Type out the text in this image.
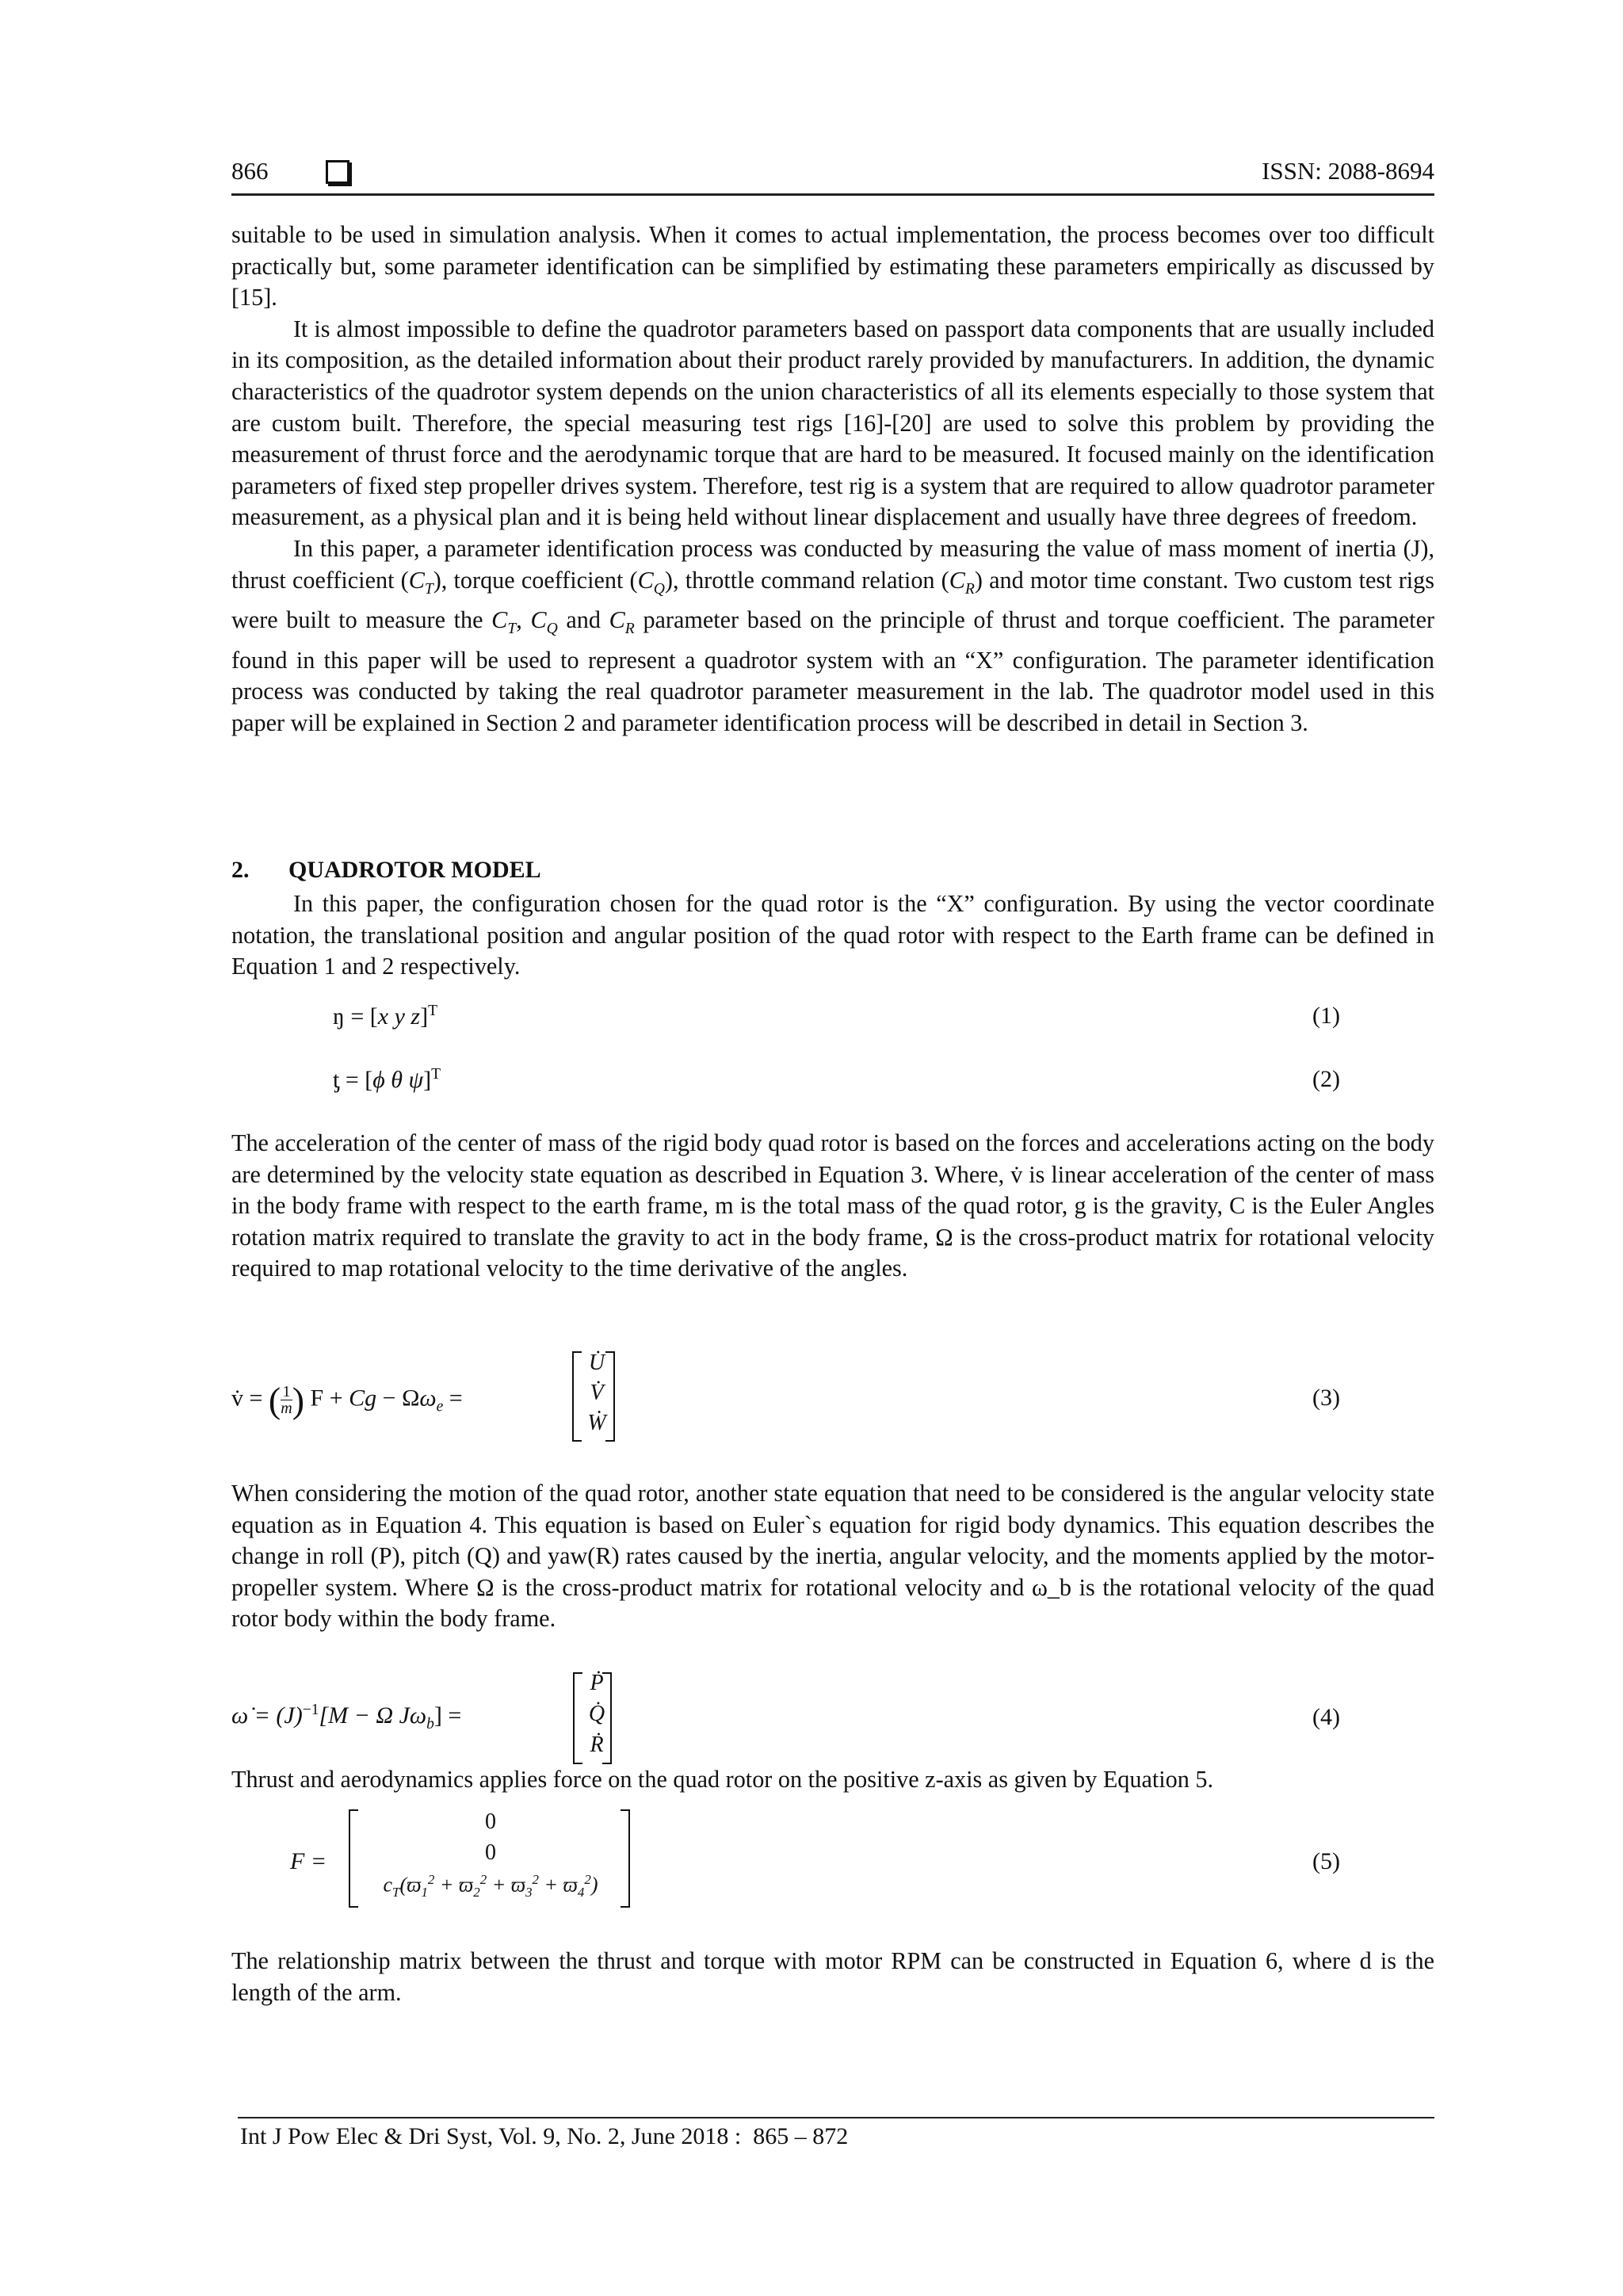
866	ISSN: 2088-8694

suitable to be used in simulation analysis. When it comes to actual implementation, the process becomes over too difficult practically but, some parameter identification can be simplified by estimating these parameters empirically as discussed by [15].

It is almost impossible to define the quadrotor parameters based on passport data components that are usually included in its composition, as the detailed information about their product rarely provided by manufacturers. In addition, the dynamic characteristics of the quadrotor system depends on the union characteristics of all its elements especially to those system that are custom built. Therefore, the special measuring test rigs [16]-[20] are used to solve this problem by providing the measurement of thrust force and the aerodynamic torque that are hard to be measured. It focused mainly on the identification parameters of fixed step propeller drives system. Therefore, test rig is a system that are required to allow quadrotor parameter measurement, as a physical plan and it is being held without linear displacement and usually have three degrees of freedom.

In this paper, a parameter identification process was conducted by measuring the value of mass moment of inertia (J), thrust coefficient $(C_T)$, torque coefficient $(C_Q)$, throttle command relation $(C_R)$ and motor time constant. Two custom test rigs were built to measure the $C_T$, $C_Q$ and $C_R$ parameter based on the principle of thrust and torque coefficient. The parameter found in this paper will be used to represent a quadrotor system with an “X” configuration. The parameter identification process was conducted by taking the real quadrotor parameter measurement in the lab. The quadrotor model used in this paper will be explained in Section 2 and parameter identification process will be described in detail in Section 3.

2. QUADROTOR MODEL

In this paper, the configuration chosen for the quad rotor is the “X” configuration. By using the vector coordinate notation, the translational position and angular position of the quad rotor with respect to the Earth frame can be defined in Equation 1 and 2 respectively.

ŋ = [x y z]$^T$	(1)
ƫ = [ϕ θ ψ]$^T$	(2)
The acceleration of the center of mass of the rigid body quad rotor is based on the forces and accelerations acting on the body are determined by the velocity state equation as described in Equation 3. Where, v̇ is linear acceleration of the center of mass in the body frame with respect to the earth frame, m is the total mass of the quad rotor, g is the gravity, C is the Euler Angles rotation matrix required to translate the gravity to act in the body frame, Ω is the cross-product matrix for rotational velocity required to map rotational velocity to the time derivative of the angles.
v̇ = ( $\frac{1}{m}$ ) $F + Cg - \Omega\omega_e$ =
U̇
V̇
Ẇ
(3)
When considering the motion of the quad rotor, another state equation that need to be considered is the angular velocity state equation as in Equation 4. This equation is based on Euler`s equation for rigid body dynamics. This equation describes the change in roll (P), pitch (Q) and yaw(R) rates caused by the inertia, angular velocity, and the moments applied by the motor-propeller system. Where Ω is the cross-product matrix for rotational velocity and ω_b is the rotational velocity of the quad rotor body within the body frame.
ω̇ = $(J)^{-1}[M - \Omega$ $J\omega_b$] =
Ṗ
Q̇
Ṙ
(4)
Thrust and aerodynamics applies force on the quad rotor on the positive z-axis as given by Equation 5.
F =
0
0
$c_T(ϖ_1^2 + ϖ_2^2 + ϖ_3^2 + ϖ_4^2)$
(5)
The relationship matrix between the thrust and torque with motor RPM can be constructed in Equation 6, where d is the length of the arm.
Int J Pow Elec & Dri Syst, Vol. 9, No. 2, June 2018 :  865 – 872
